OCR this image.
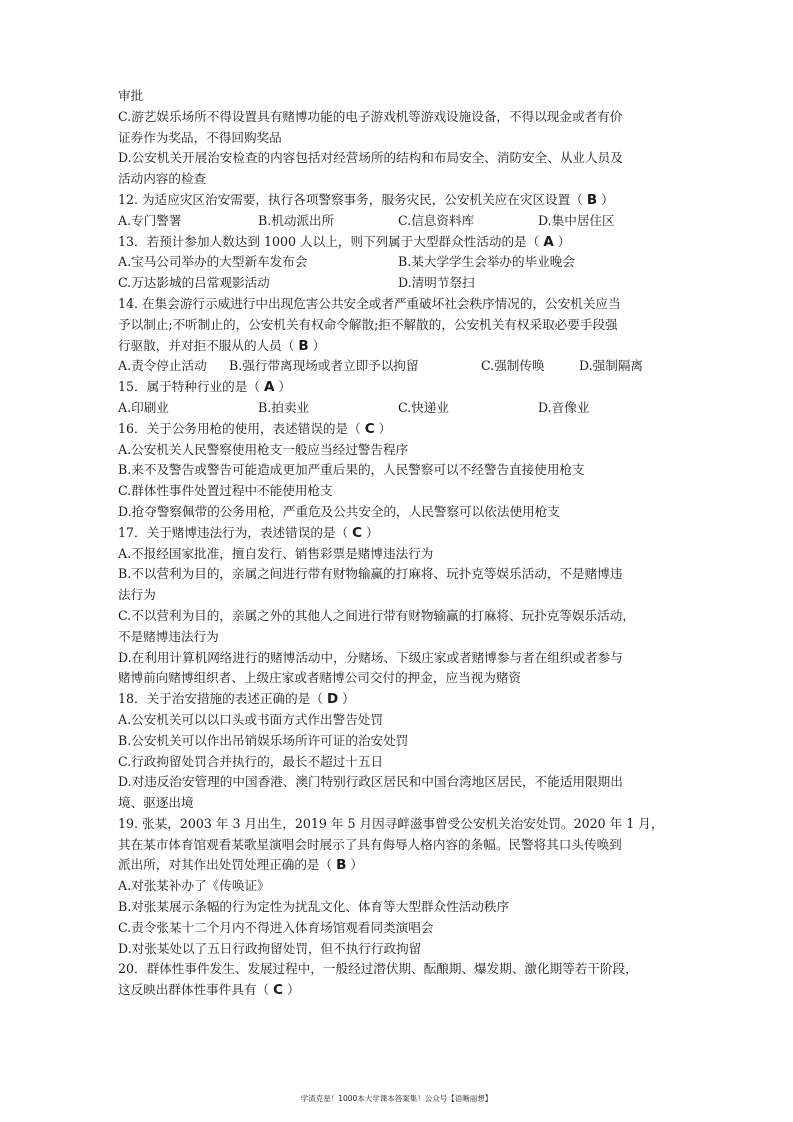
审批
C.游艺娱乐场所不得设置具有赌博功能的电子游戏机等游戏设施设备，不得以现金或者有价
证券作为奖品，不得回购奖品
D.公安机关开展治安检查的内容包括对经营场所的结构和布局安全、消防安全、从业人员及
活动内容的检查
12. 为适应灾区治安需要，执行各项警察事务，服务灾民，公安机关应在灾区设置（ B ）
A.专门警署	B.机动派出所	C.信息资料库	D.集中居住区
13．若预计参加人数达到 1000 人以上，则下列属于大型群众性活动的是（ A ）
A.宝马公司举办的大型新车发布会	B.某大学学生会举办的毕业晚会
C.万达影城的吕常观影活动	D.清明节祭扫
14. 在集会游行示威进行中出现危害公共安全或者严重破坏社会秩序情况的，公安机关应当
予以制止;不听制止的，公安机关有权命令解散;拒不解散的，公安机关有权采取必要手段强
行驱散，并对拒不服从的人员（ B ）
A.责令停止活动	B.强行带离现场或者立即予以拘留	C.强制传唤	D.强制隔离
15．属于特种行业的是（ A ）
A.印刷业	B.拍卖业	C.快递业	D.音像业
16．关于公务用枪的使用，表述错误的是（ C ）
A.公安机关人民警察使用枪支一般应当经过警告程序
B.来不及警告或警告可能造成更加严重后果的，人民警察可以不经警告直接使用枪支
C.群体性事件处置过程中不能使用枪支
D.抢夺警察佩带的公务用枪，严重危及公共安全的，人民警察可以依法使用枪支
17．关于赌博违法行为，表述错误的是（ C ）
A.不报经国家批准，擅自发行、销售彩票是赌博违法行为
B.不以营利为目的，亲属之间进行带有财物输赢的打麻将、玩扑克等娱乐活动，不是赌博违
法行为
C.不以营利为目的，亲属之外的其他人之间进行带有财物输赢的打麻将、玩扑克等娱乐活动，
不是赌博违法行为
D.在利用计算机网络进行的赌博活动中，分赌场、下级庄家或者赌博参与者在组织或者参与
赌博前向赌博组织者、上级庄家或者赌博公司交付的押金，应当视为赌资
18．关于治安措施的表述正确的是（ D ）
A.公安机关可以以口头或书面方式作出警告处罚
B.公安机关可以作出吊销娱乐场所许可证的治安处罚
C.行政拘留处罚合并执行的，最长不超过十五日
D.对违反治安管理的中国香港、澳门特别行政区居民和中国台湾地区居民，不能适用限期出
境、驱逐出境
19. 张某，2003 年 3 月出生，2019 年 5 月因寻衅滋事曾受公安机关治安处罚。2020 年 1 月，
其在某市体育馆观看某歌星演唱会时展示了具有侮辱人格内容的条幅。民警将其口头传唤到
派出所，对其作出处罚处理正确的是（ B ）
A.对张某补办了《传唤证》
B.对张某展示条幅的行为定性为扰乱文化、体育等大型群众性活动秩序
C.责令张某十二个月内不得进入体育场馆观看同类演唱会
D.对张某处以了五日行政拘留处罚，但不执行行政拘留
20．群体性事件发生、发展过程中，一般经过潜伏期、酝酿期、爆发期、激化期等若干阶段，
这反映出群体性事件具有（ C ）
学渣克星！1000本大学课本答案集！公众号【语晰丽想】
